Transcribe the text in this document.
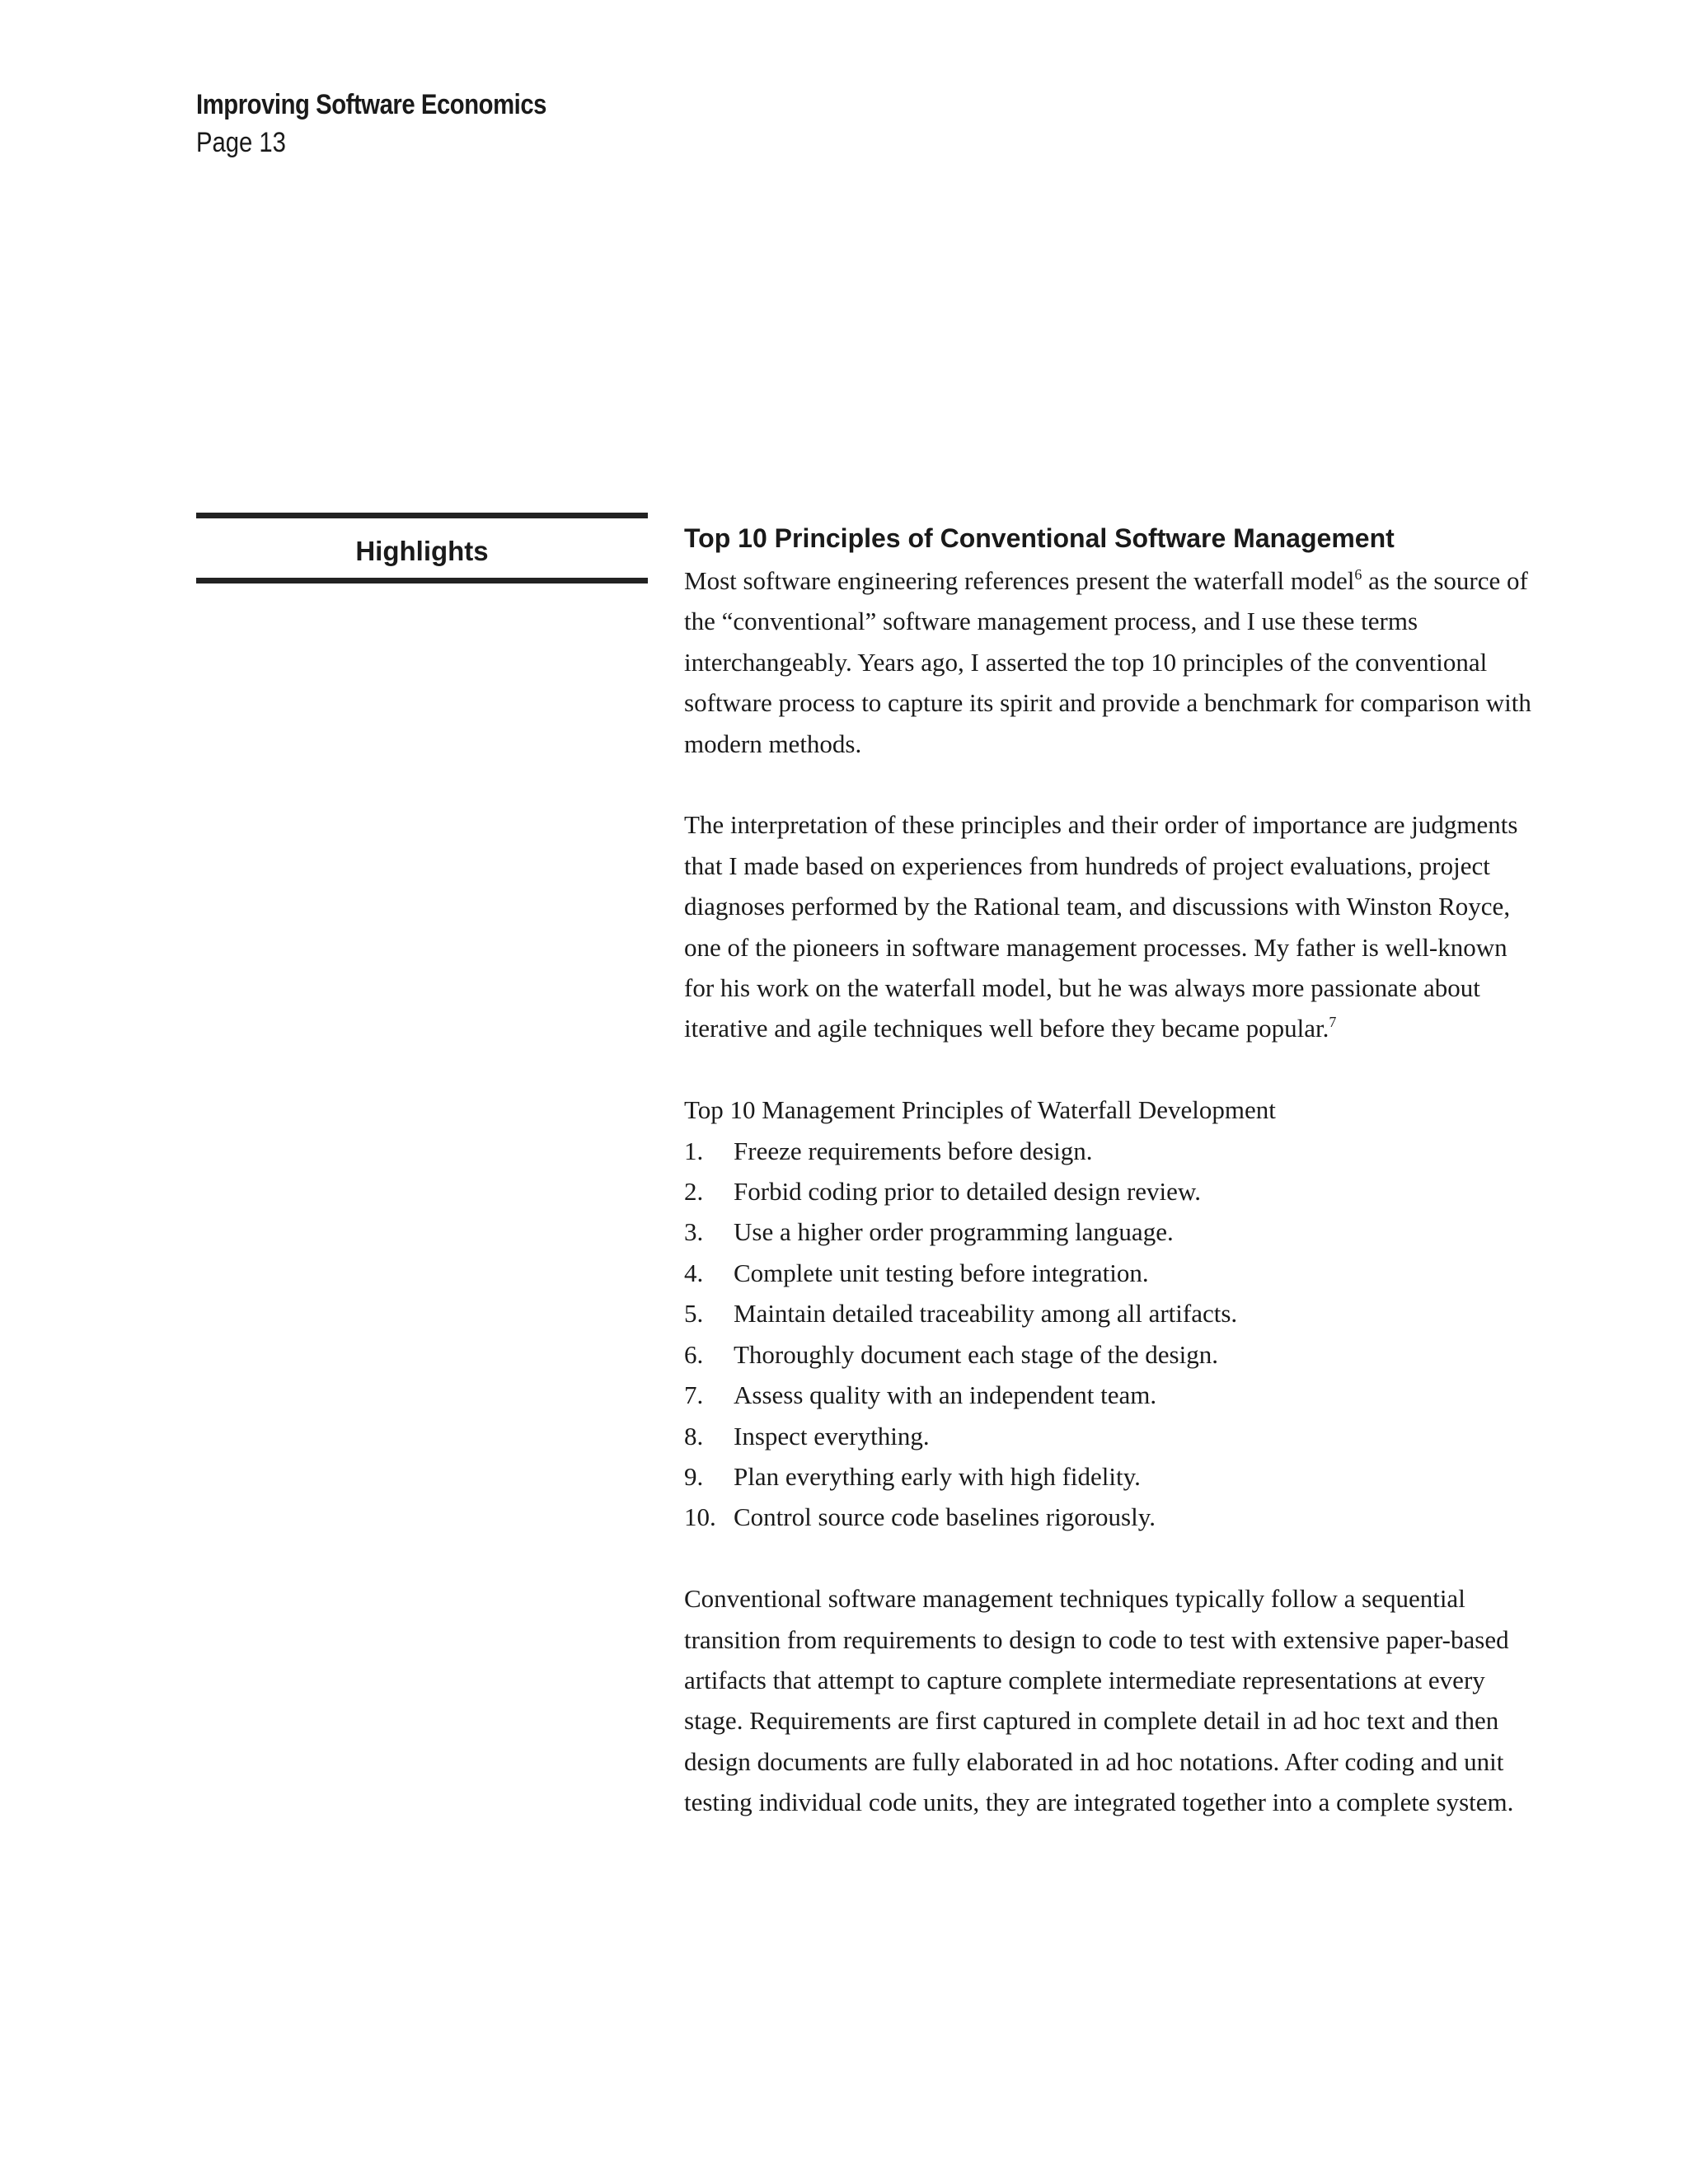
Improving Software Economics
Page 13
Highlights	Top 10 Principles of Conventional Software Management

Most software engineering references present the waterfall model$^6$ as the source of the “conventional” software management process, and I use these terms interchangeably. Years ago, I asserted the top 10 principles of the conventional software process to capture its spirit and provide a benchmark for comparison with modern methods.

The interpretation of these principles and their order of importance are judgments that I made based on experiences from hundreds of project evaluations, project diagnoses performed by the Rational team, and discussions with Winston Royce, one of the pioneers in software management processes. My father is well-known for his work on the waterfall model, but he was always more passionate about iterative and agile techniques well before they became popular.$^7$

Top 10 Management Principles of Waterfall Development
1.	Freeze requirements before design.
2.	Forbid coding prior to detailed design review.
3.	Use a higher order programming language.
4.	Complete unit testing before integration.
5.	Maintain detailed traceability among all artifacts.
6.	Thoroughly document each stage of the design.
7.	Assess quality with an independent team.
8.	Inspect everything.
9.	Plan everything early with high fidelity.
10. Control source code baselines rigorously.

Conventional software management techniques typically follow a sequential transition from requirements to design to code to test with extensive paper-based artifacts that attempt to capture complete intermediate representations at every stage. Requirements are first captured in complete detail in ad hoc text and then design documents are fully elaborated in ad hoc notations. After coding and unit testing individual code units, they are integrated together into a complete system.
